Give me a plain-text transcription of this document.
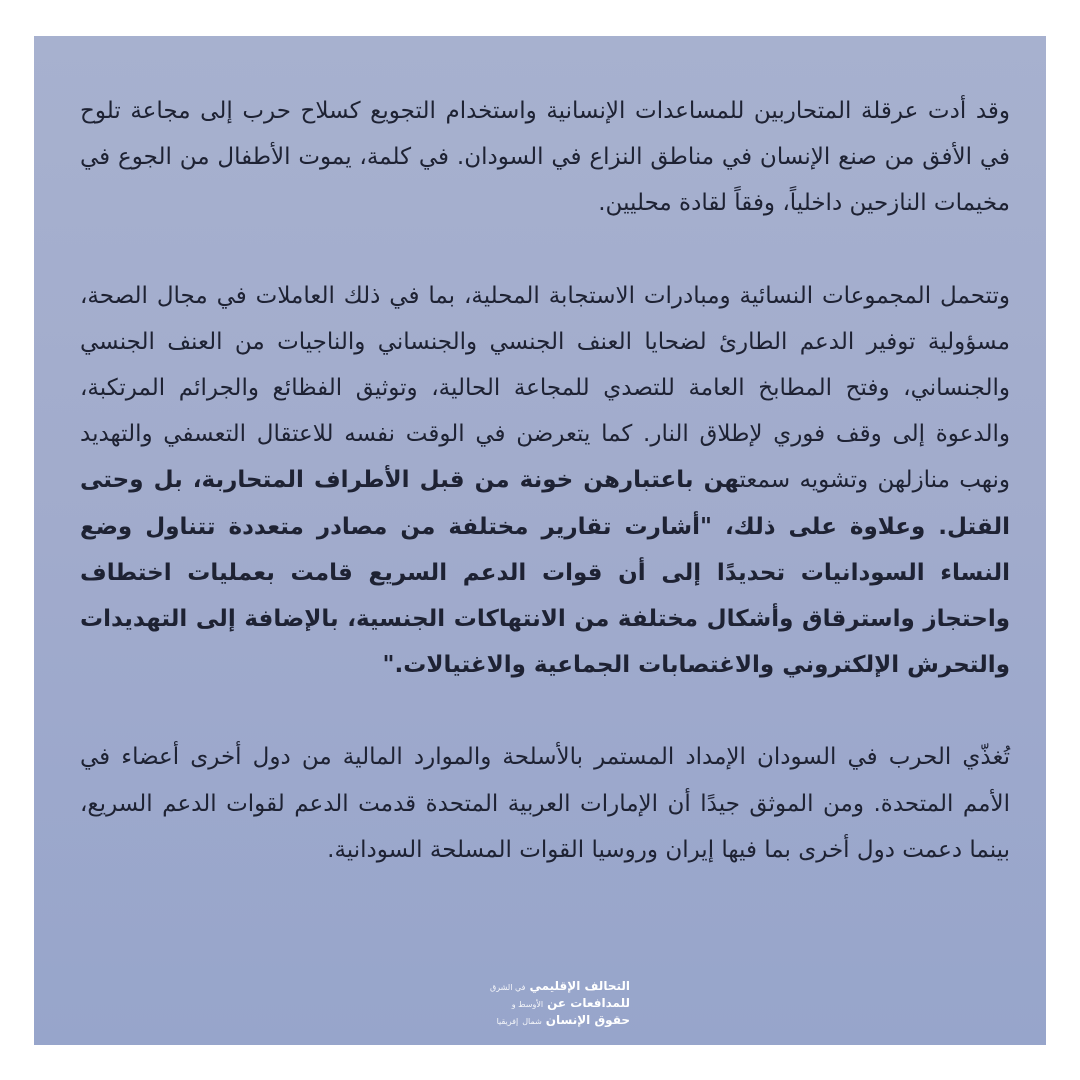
وقد أدت عرقلة المتحاربين للمساعدات الإنسانية واستخدام التجويع كسلاح حرب إلى مجاعة تلوح في الأفق من صنع الإنسان في مناطق النزاع في السودان. في كلمة، يموت الأطفال من الجوع في مخيمات النازحين داخلياً، وفقاً لقادة محليين.

وتتحمل المجموعات النسائية ومبادرات الاستجابة المحلية، بما في ذلك العاملات في مجال الصحة، مسؤولية توفير الدعم الطارئ لضحايا العنف الجنسي والجنساني والناجيات من العنف الجنسي والجنساني، وفتح المطابخ العامة للتصدي للمجاعة الحالية، وتوثيق الفظائع والجرائم المرتكبة، والدعوة إلى وقف فوري لإطلاق النار. كما يتعرضن في الوقت نفسه للاعتقال التعسفي والتهديد ونهب منازلهن وتشويه سمعتهن باعتبارهن خونة من قبل الأطراف المتحاربة، بل وحتى القتل. وعلاوة على ذلك، "أشارت تقارير مختلفة من مصادر متعددة تتناول وضع النساء السودانيات تحديدًا إلى أن قوات الدعم السريع قامت بعمليات اختطاف واحتجاز واسترقاق وأشكال مختلفة من الانتهاكات الجنسية، بالإضافة إلى التهديدات والتحرش الإلكتروني والاغتصابات الجماعية والاغتيالات."

تُغذّي الحرب في السودان الإمداد المستمر بالأسلحة والموارد المالية من دول أخرى أعضاء في الأمم المتحدة. ومن الموثق جيدًا أن الإمارات العربية المتحدة قدمت الدعم لقوات الدعم السريع، بينما دعمت دول أخرى بما فيها إيران وروسيا القوات المسلحة السودانية.

التحالف الإقليمي
في الشرق
للمدافعات عن
الأوسط و
حقوق الإنسان
شمال
إفريقيا
